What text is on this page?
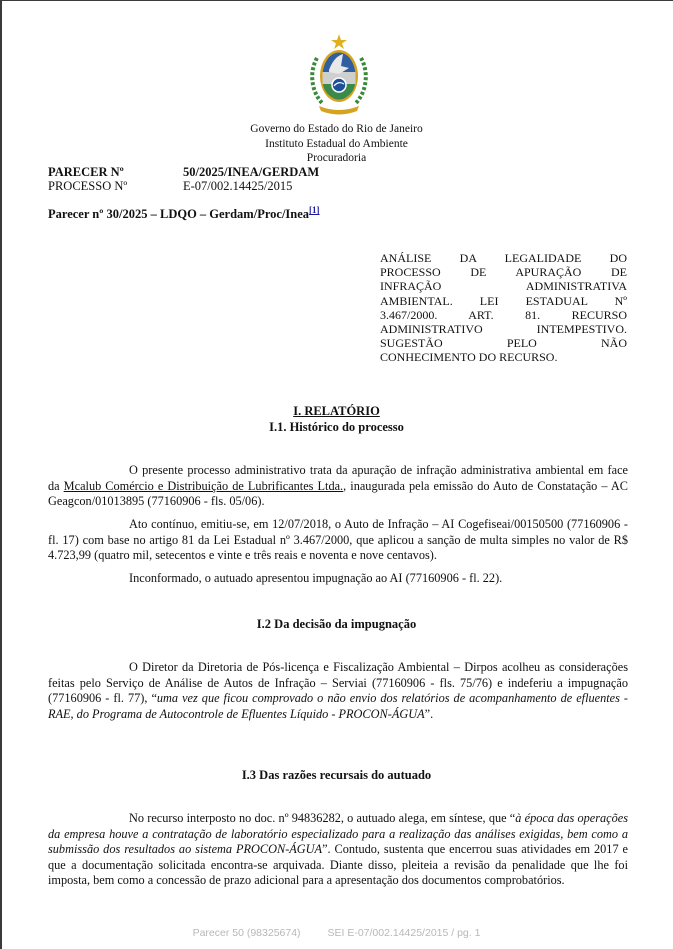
Governo do Estado do Rio de Janeiro
Instituto Estadual do Ambiente
Procuradoria
PARECER Nº	50/2025/INEA/GERDAM
PROCESSO Nº	E-07/002.14425/2015
Parecer nº 30/2025 – LDQO – Gerdam/Proc/Inea[1]
ANÁLISE DA LEGALIDADE DO
PROCESSO DE APURAÇÃO DE
INFRAÇÃO ADMINISTRATIVA
AMBIENTAL. LEI ESTADUAL Nº
3.467/2000. ART. 81. RECURSO
ADMINISTRATIVO INTEMPESTIVO.
SUGESTÃO PELO NÃO
CONHECIMENTO DO RECURSO.
I. RELATÓRIO
I.1. Histórico do processo
O presente processo administrativo trata da apuração de infração administrativa ambiental em face da Mcalub Comércio e Distribuição de Lubrificantes Ltda., inaugurada pela emissão do Auto de Constatação – AC Geagcon/01013895 (77160906 - fls. 05/06).
Ato contínuo, emitiu-se, em 12/07/2018, o Auto de Infração – AI Cogefiseai/00150500 (77160906 - fl. 17) com base no artigo 81 da Lei Estadual nº 3.467/2000, que aplicou a sanção de multa simples no valor de R$ 4.723,99 (quatro mil, setecentos e vinte e três reais e noventa e nove centavos).
Inconformado, o autuado apresentou impugnação ao AI (77160906 - fl. 22).
I.2 Da decisão da impugnação
O Diretor da Diretoria de Pós-licença e Fiscalização Ambiental – Dirpos acolheu as considerações feitas pelo Serviço de Análise de Autos de Infração – Serviai (77160906 - fls. 75/76) e indeferiu a impugnação (77160906 - fl. 77), “uma vez que ficou comprovado o não envio dos relatórios de acompanhamento de efluentes - RAE, do Programa de Autocontrole de Efluentes Líquido - PROCON-ÁGUA”.
I.3 Das razões recursais do autuado
No recurso interposto no doc. nº 94836282, o autuado alega, em síntese, que “à época das operações da empresa houve a contratação de laboratório especializado para a realização das análises exigidas, bem como a submissão dos resultados ao sistema PROCON-ÁGUA”. Contudo, sustenta que encerrou suas atividades em 2017 e que a documentação solicitada encontra-se arquivada. Diante disso, pleiteia a revisão da penalidade que lhe foi imposta, bem como a concessão de prazo adicional para a apresentação dos documentos comprobatórios.
Parecer 50 (98325674)	SEI E-07/002.14425/2015 / pg. 1
